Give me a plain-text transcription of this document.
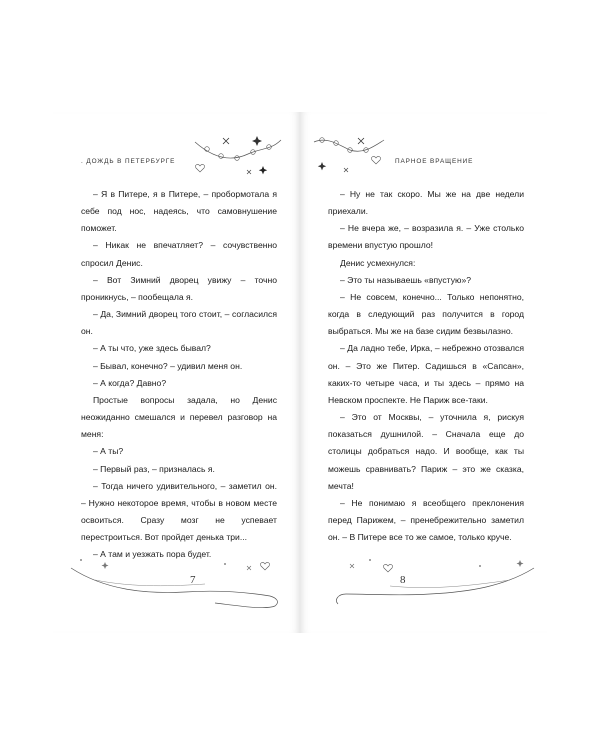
. ДОЖДЬ В ПЕТЕРБУРГЕ

– Я в Питере, я в Питере, – пробормотала я себе под нос, надеясь, что самовнушение поможет.

– Никак не впечатляет? – сочувственно спросил Денис.

– Вот Зимний дворец увижу – точно проникнусь, – пообещала я.

– Да, Зимний дворец того стоит, – согласился он.

– А ты что, уже здесь бывал?

– Бывал, конечно? – удивил меня он.

– А когда? Давно?

Простые вопросы задала, но Денис неожиданно смешался и перевел разговор на меня:

– А ты?

– Первый раз, – призналась я.

– Тогда ничего удивительного, – заметил он. – Нужно некоторое время, чтобы в новом месте освоиться. Сразу мозг не успевает перестроиться. Вот пройдет денька три...

– А там и уезжать пора будет.

7
ПАРНОЕ ВРАЩЕНИЕ

– Ну не так скоро. Мы же на две недели приехали.

– Не вчера же, – возразила я. – Уже столько времени впустую прошло!

Денис усмехнулся:

– Это ты называешь «впустую»?

– Не совсем, конечно... Только непонятно, когда в следующий раз получится в город выбраться. Мы же на базе сидим безвылазно.

– Да ладно тебе, Ирка, – небрежно отозвался он. – Это же Питер. Садишься в «Сапсан», каких-то четыре часа, и ты здесь – прямо на Невском проспекте. Не Париж все-таки.

– Это от Москвы, – уточнила я, рискуя показаться душнилой. – Сначала еще до столицы добраться надо. И вообще, как ты можешь сравнивать? Париж – это же сказка, мечта!

– Не понимаю я всеобщего преклонения перед Парижем, – пренебрежительно заметил он. – В Питере все то же самое, только круче.

8
